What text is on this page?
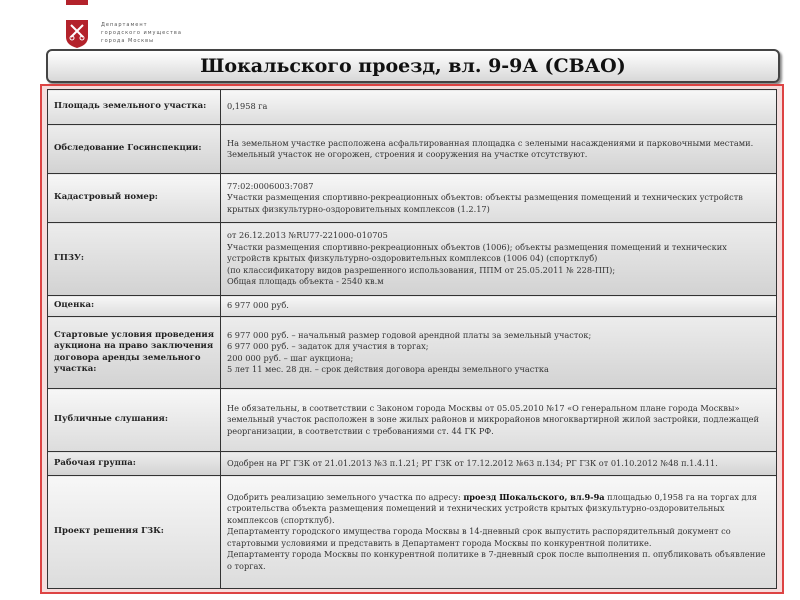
Департамент
городского имущества
города Москвы
Шокальского проезд, вл. 9-9А (СВАО)
Площадь земельного участка:	0,1958 га

Обследование Госинспекции:	На земельном участке расположена асфальтированная площадка с зелеными насаждениями и парковочными местами. Земельный участок не огорожен, строения и сооружения на участке отсутствуют.

Кадастровый номер:	77:02:0006003:7087
Участки размещения спортивно-рекреационных объектов: объекты размещения помещений и технических устройств крытых физкультурно-оздоровительных комплексов (1.2.17)

ГПЗУ:	от 26.12.2013 №RU77-221000-010705
Участки размещения спортивно-рекреационных объектов (1006); объекты размещения помещений и технических устройств крытых физкультурно-оздоровительных комплексов (1006 04) (спортклуб)
(по классификатору видов разрешенного использования, ППМ от 25.05.2011 № 228-ПП);
Общая площадь объекта - 2540 кв.м

Оценка:	6 977 000 руб.

Стартовые условия проведения аукциона на право заключения договора аренды земельного участка:	6 977 000 руб. – начальный размер годовой арендной платы за земельный участок;
6 977 000 руб. – задаток для участия в торгах;
200 000 руб. – шаг аукциона;
5 лет 11 мес. 28 дн. – срок действия договора аренды земельного участка

Публичные слушания:	Не обязательны, в соответствии с Законом города Москвы от 05.05.2010 №17 «О генеральном плане города Москвы» земельный участок расположен в зоне жилых районов и микрорайонов многоквартирной жилой застройки, подлежащей реорганизации, в соответствии с требованиями ст. 44 ГК РФ.

Рабочая группа:	Одобрен на РГ ГЗК от 21.01.2013 №3 п.1.21; РГ ГЗК от 17.12.2012 №63 п.134; РГ ГЗК от 01.10.2012 №48 п.1.4.11.

Проект решения ГЗК:	Одобрить реализацию земельного участка по адресу: проезд Шокальского, вл.9-9а площадью 0,1958 га на торгах для строительства объекта размещения помещений и технических устройств крытых физкультурно-оздоровительных комплексов (спортклуб).
Департаменту городского имущества города Москвы в 14-дневный срок выпустить распорядительный документ со стартовыми условиями и представить в Департамент города Москвы по конкурентной политике.
Департаменту города Москвы по конкурентной политике в 7-дневный срок после выполнения п. опубликовать объявление о торгах.
